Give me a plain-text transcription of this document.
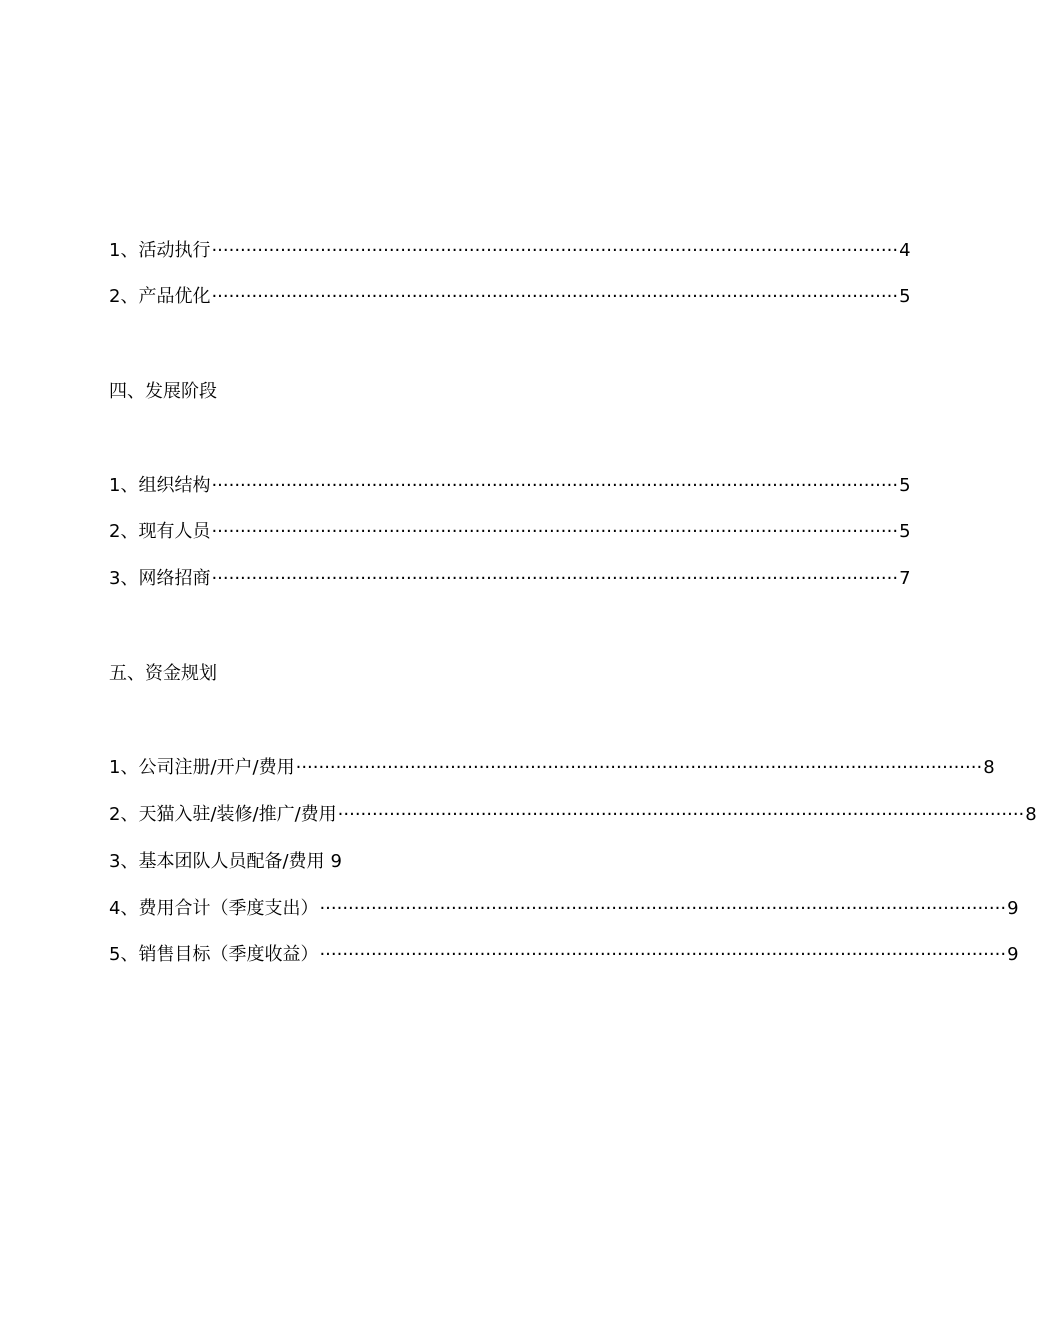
1、活动执行 ························································································································ 4
2、产品优化 ························································································································ 5
四、发展阶段
1、组织结构 ························································································································ 5
2、现有人员 ························································································································ 5
3、网络招商 ························································································································ 7
五、资金规划
1、公司注册/开户/费用 ························································································································ 8
2、天猫入驻/装修/推广/费用 ························································································································ 8
3、基本团队人员配备/费用 9
4、费用合计（季度支出） ························································································································ 9
5、销售目标（季度收益） ························································································································ 9
